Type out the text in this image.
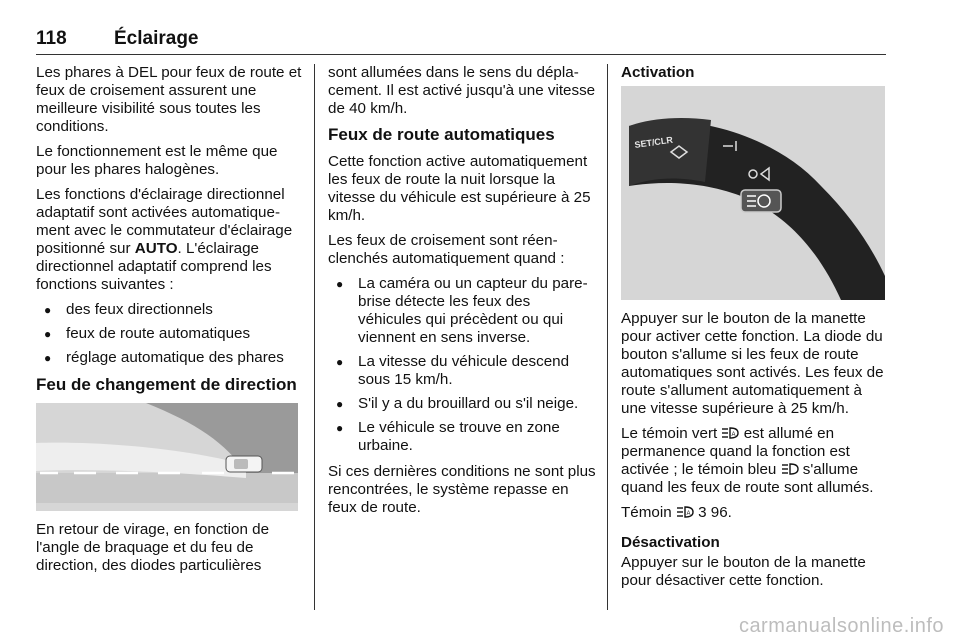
118 Éclairage

Les phares à DEL pour feux de route et feux de croisement assurent une meilleure visibilité sous toutes les conditions.

Le fonctionnement est le même que pour les phares halogènes.

Les fonctions d'éclairage directionnel adaptatif sont activées automatiquement avec le commutateur d'éclairage positionné sur AUTO. L'éclairage directionnel adaptatif comprend les fonctions suivantes :

● des feux directionnels
● feux de route automatiques
● réglage automatique des phares
Feu de changement de direction

En retour de virage, en fonction de l'angle de braquage et du feu de direction, des diodes particulières

sont allumées dans le sens du déplacement. Il est activé jusqu'à une vitesse de 40 km/h.

Feux de route automatiques

Cette fonction active automatiquement les feux de route la nuit lorsque la vitesse du véhicule est supérieure à 25 km/h.

Les feux de croisement sont réenclenchés automatiquement quand :

● La caméra ou un capteur du pare-brise détecte les feux des véhicules qui précèdent ou qui viennent en sens inverse.
● La vitesse du véhicule descend sous 15 km/h.
● S'il y a du brouillard ou s'il neige.
● Le véhicule se trouve en zone urbaine.

Si ces dernières conditions ne sont plus rencontrées, le système repasse en feux de route.

Activation
SET/CLR

Appuyer sur le bouton de la manette pour activer cette fonction. La diode du bouton s'allume si les feux de route automatiques sont activés. Les feux de route s'allument automatiquement à une vitesse supérieure à 25 km/h.

Le témoin vert A est allumé en permanence quand la fonction est activée ; le témoin bleu  s'allume quand les feux de route sont allumés.

Témoin A 3 96.

Désactivation

Appuyer sur le bouton de la manette pour désactiver cette fonction.

carmanualsonline.info
